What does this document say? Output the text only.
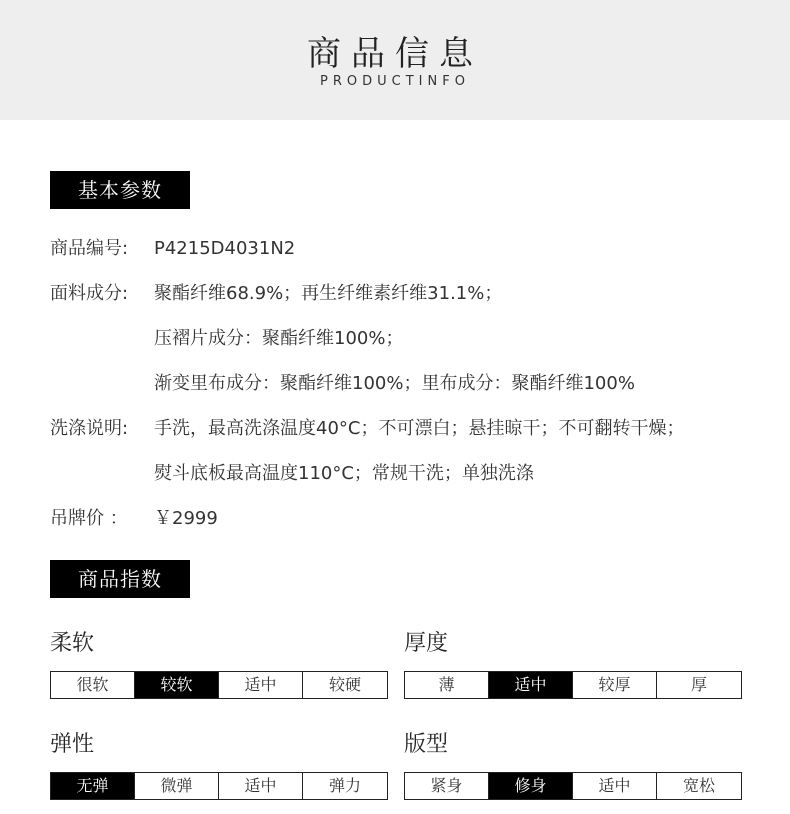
商品信息
PRODUCTINFO
基本参数
商品编号: P4215D4031N2
面料成分: 聚酯纤维68.9%；再生纤维素纤维31.1%；
压褶片成分：聚酯纤维100%；
渐变里布成分：聚酯纤维100%；里布成分：聚酯纤维100%
洗涤说明: 手洗，最高洗涤温度40°C；不可漂白；悬挂晾干；不可翻转干燥；
熨斗底板最高温度110°C；常规干洗；单独洗涤
吊牌价 ： ￥2999
商品指数
柔软
很软	较软	适中	较硬
厚度
薄	适中	较厚	厚
弹性
无弹	微弹	适中	弹力
版型
紧身	修身	适中	宽松
